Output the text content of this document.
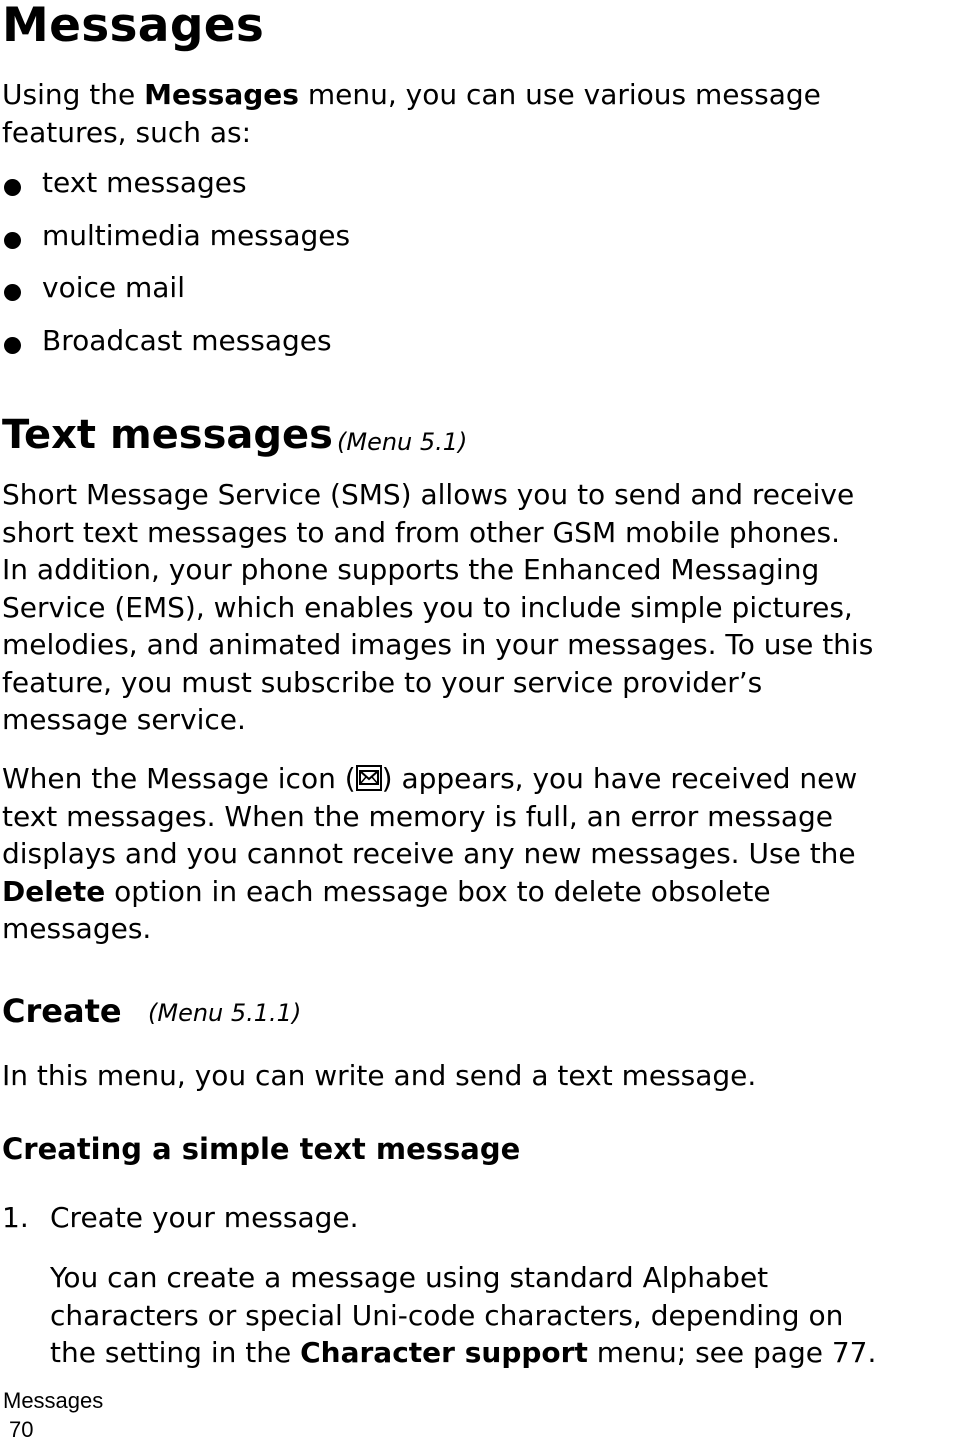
Messages
Using the Messages menu, you can use various message
features, such as:
text messages
multimedia messages
voice mail
Broadcast messages
Text messages (Menu 5.1)
Short Message Service (SMS) allows you to send and receive
short text messages to and from other GSM mobile phones.
In addition, your phone supports the Enhanced Messaging
Service (EMS), which enables you to include simple pictures,
melodies, and animated images in your messages. To use this
feature, you must subscribe to your service provider’s
message service.
When the Message icon ( ) appears, you have received new
text messages. When the memory is full, an error message
displays and you cannot receive any new messages. Use the
Delete option in each message box to delete obsolete
messages.
Create (Menu 5.1.1)
In this menu, you can write and send a text message.
Creating a simple text message
1. Create your message.
You can create a message using standard Alphabet
characters or special Uni-code characters, depending on
the setting in the Character support menu; see page 77.
Messages
70
